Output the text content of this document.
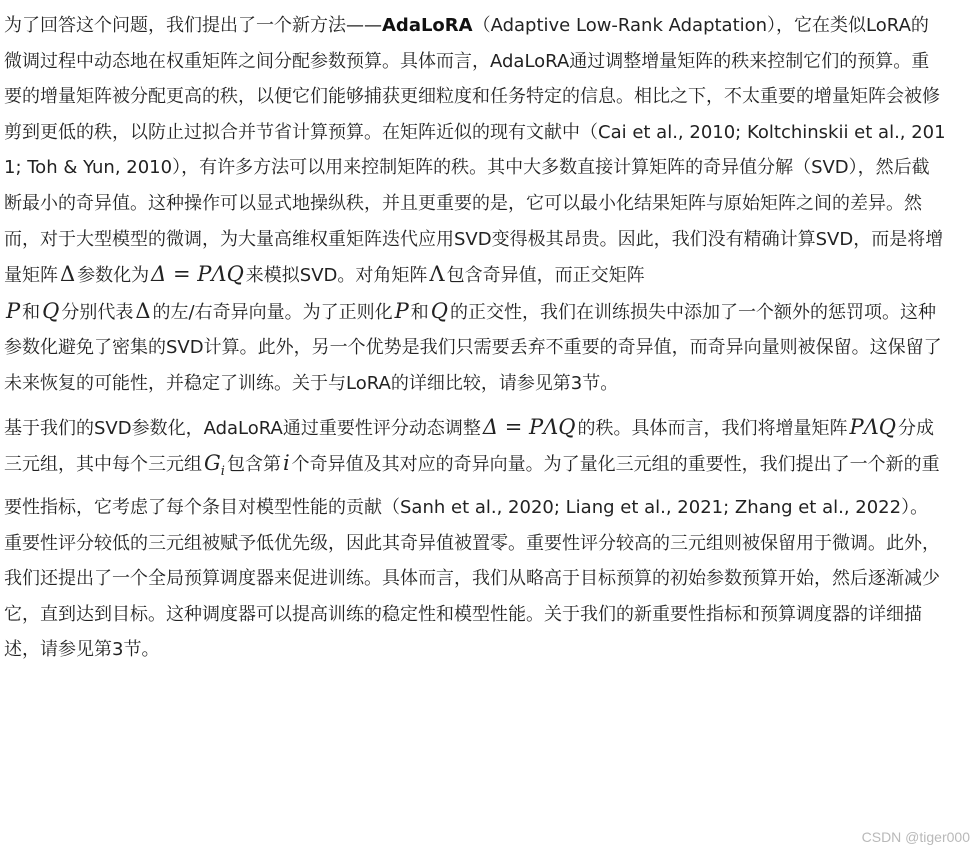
为了回答这个问题，我们提出了一个新方法——AdaLoRA（Adaptive Low-Rank Adaptation），它在类似LoRA的微调过程中动态地在权重矩阵之间分配参数预算。具体而言，AdaLoRA通过调整增量矩阵的秩来控制它们的预算。重要的增量矩阵被分配更高的秩，以便它们能够捕获更细粒度和任务特定的信息。相比之下，不太重要的增量矩阵会被修剪到更低的秩，以防止过拟合并节省计算预算。在矩阵近似的现有文献中（Cai et al., 2010; Koltchinskii et al., 2011; Toh & Yun, 2010），有许多方法可以用来控制矩阵的秩。其中大多数直接计算矩阵的奇异值分解（SVD），然后截断最小的奇异值。这种操作可以显式地操纵秩，并且更重要的是，它可以最小化结果矩阵与原始矩阵之间的差异。然而，对于大型模型的微调，为大量高维权重矩阵迭代应用SVD变得极其昂贵。因此，我们没有精确计算SVD，而是将增量矩阵Δ 参数化为Δ = PΛQ 来模拟SVD。对角矩阵Λ 包含奇异值，而正交矩阵
P 和Q 分别代表Δ 的左/右奇异向量。为了正则化P 和Q 的正交性，我们在训练损失中添加了一个额外的惩罚项。这种参数化避免了密集的SVD计算。此外，另一个优势是我们只需要丢弃不重要的奇异值，而奇异向量则被保留。这保留了未来恢复的可能性，并稳定了训练。关于与LoRA的详细比较，请参见第3节。

基于我们的SVD参数化，AdaLoRA通过重要性评分动态调整Δ = PΛQ 的秩。具体而言，我们将增量矩阵PΛQ 分成三元组，其中每个三元组$G_i$ 包含第i 个奇异值及其对应的奇异向量。为了量化三元组的重要性，我们提出了一个新的重要性指标，它考虑了每个条目对模型性能的贡献（Sanh et al., 2020; Liang et al., 2021; Zhang et al., 2022）。重要性评分较低的三元组被赋予低优先级，因此其奇异值被置零。重要性评分较高的三元组则被保留用于微调。此外，我们还提出了一个全局预算调度器来促进训练。具体而言，我们从略高于目标预算的初始参数预算开始，然后逐渐减少它，直到达到目标。这种调度器可以提高训练的稳定性和模型性能。关于我们的新重要性指标和预算调度器的详细描述，请参见第3节。

CSDN @tiger000
